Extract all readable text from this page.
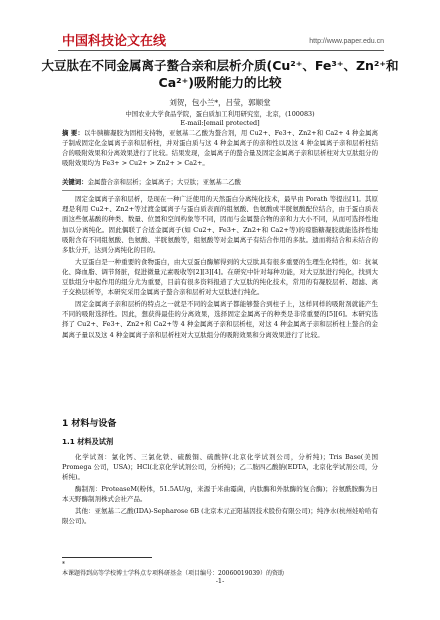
中国科技论文在线	http://www.paper.edu.cn
大豆肽在不同金属离子螯合亲和层析介质(Cu²⁺、Fe³⁺、Zn²⁺和 Ca²⁺)吸附能力的比较
刘贺，包小兰*，吕莹，郭顺堂
中国农业大学食品学院，蛋白质加工利用研究室，北京，(100083)
E-mail:[email protected]
摘 要：以牛胰糖凝胶为固相支持物，亚氨基二乙酸为螯合剂，用 Cu2+、Fe3+、Zn2+和 Ca2+ 4 种金属离子制成固定化金属离子亲和层析柱，并对蛋白质与这 4 种金属离子的亲和性以及这 4 种金属离子亲和层析柱结合的吸附效果和分离效果进行了比较。结果发现，金属离子的螯合量及固定金属离子亲和层析柱对大豆肽组分的吸附效果均为 Fe3+ > Cu2+ > Zn2+ > Ca2+。
关键词：金属螯合亲和层析；金属离子；大豆肽；亚氨基二乙酸

固定金属离子亲和层析，是现在一种广泛使用的天然蛋白分离纯化技术，最早由 Porath 等提出[1]。其原理是利用 Cu2+、Zn2+等过渡金属离子与蛋白质表面的组氨酸、色氨酸或半胱氨酸配位结合，由于蛋白质表面这些氨基酸的种类、数量、位置和空间构象等不同，因而与金属螯合物的亲和力大小不同，从而可选择性地加以分离纯化。固此偶联了合适金属离子(如 Cu2+、Fe3+、Zn2+和 Ca2+等)的琼脂糖凝胶就能选择性地吸附含有不同组氨酸、色氨酸、半胱氨酸等，组氨酸等对金属离子有结合作用的多肽。遗而将结合和未结合的多肽分开，达到分离纯化的目的。

大豆蛋白是一种重要的食物蛋白，由大豆蛋白酶解得到的大豆肽具有很多重要的生理生化特性，如：抗氧化、降血脂、调节肾脏，促进微量元素吸收等[2][3][4]。在研究中针对每种功能，对大豆肽进行纯化，找到大豆肽组分中起作用的组分尤为重要，目前有很多资料报道了大豆肽的纯化技术，常用的有凝胶层析、超滤、离子交换层析等，本研究采用金属离子螯合亲和层析对大豆肽进行纯化。

固定金属离子亲和层析的特点之一就是不同的金属离子都能够螯合到柱子上，这样同样的吸附剂就能产生不同的吸附选择性。因此，想获得最佳的分离效果，选择固定金属离子的种类是非常重要的[5][6]。本研究选择了 Cu2+、Fe3+、Zn2+和 Ca2+等 4 种金属离子亲和层析柱，对这 4 种金属离子亲和层析柱上螯合的金属离子量以及这 4 种金属离子亲和层析柱对大豆肽组分的吸附效果和分离效果进行了比较。

1 材料与设备
1.1 材料及试剂

化学试剂：氯化钙、三氯化铁、硫酸铜、硫酸锌(北京化学试剂公司，分析纯)；Tris Base(美国 Promega 公司，USA)；HCl(北京化学试剂公司，分析纯)；乙二胺四乙酸钠(EDTA，北京化学试剂公司，分析纯)。

酶制剂：ProteaseM(粉体，51.5AU/g，来源于米曲霉菌，内肽酶和外肽酶的复合酶)；谷氨酰胺酶为日本天野酶制剂株式会社产品。

其他：亚氨基二乙酸(IDA)-Sepharose 6B (北京本元正阳基因技术股份有限公司)；纯净水(杭州娃哈哈有限公司)。

*
本课题得到高等学校博士学科点专项科研基金（项目编号：20060019039）的资助
-1-
